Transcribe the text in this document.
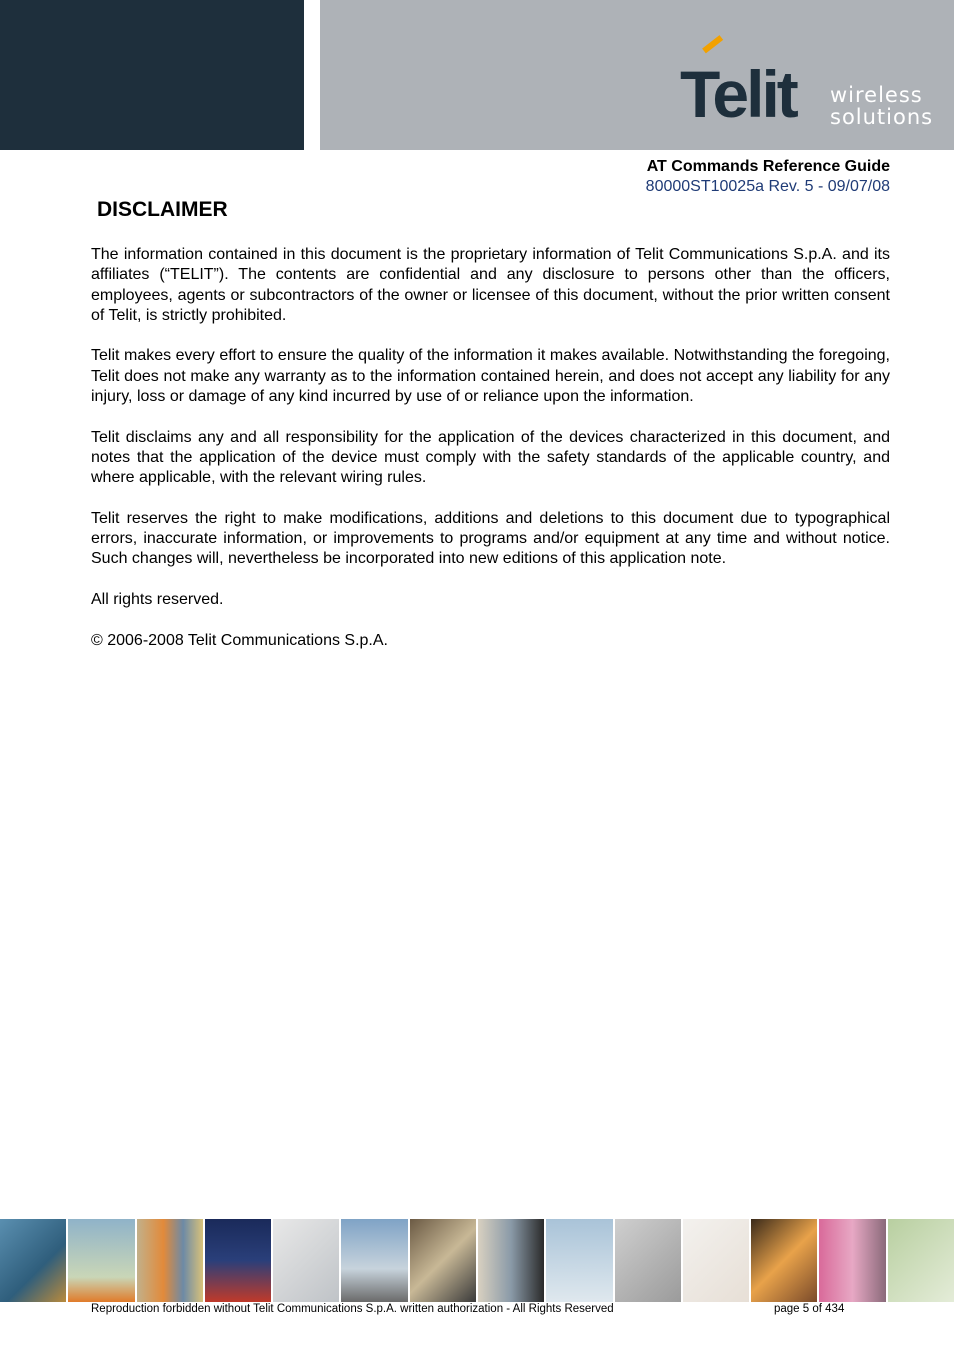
Telit wireless
solutions
AT Commands Reference Guide
80000ST10025a Rev. 5 - 09/07/08
DISCLAIMER

The information contained in this document is the proprietary information of Telit Communications S.p.A. and its affiliates (“TELIT”). The contents are confidential and any disclosure to persons other than the officers, employees, agents or subcontractors of the owner or licensee of this document, without the prior written consent of Telit, is strictly prohibited.

Telit makes every effort to ensure the quality of the information it makes available. Notwithstanding the foregoing, Telit does not make any warranty as to the information contained herein, and does not accept any liability for any injury, loss or damage of any kind incurred by use of or reliance upon the information.

Telit disclaims any and all responsibility for the application of the devices characterized in this document, and notes that the application of the device must comply with the safety standards of the applicable country, and where applicable, with the relevant wiring rules.

Telit reserves the right to make modifications, additions and deletions to this document due to typographical errors, inaccurate information, or improvements to programs and/or equipment at any time and without notice. Such changes will, nevertheless be incorporated into new editions of this application note.

All rights reserved.

© 2006-2008 Telit Communications S.p.A.

Reproduction forbidden without Telit Communications S.p.A. written authorization - All Rights Reserved	page 5 of 434
